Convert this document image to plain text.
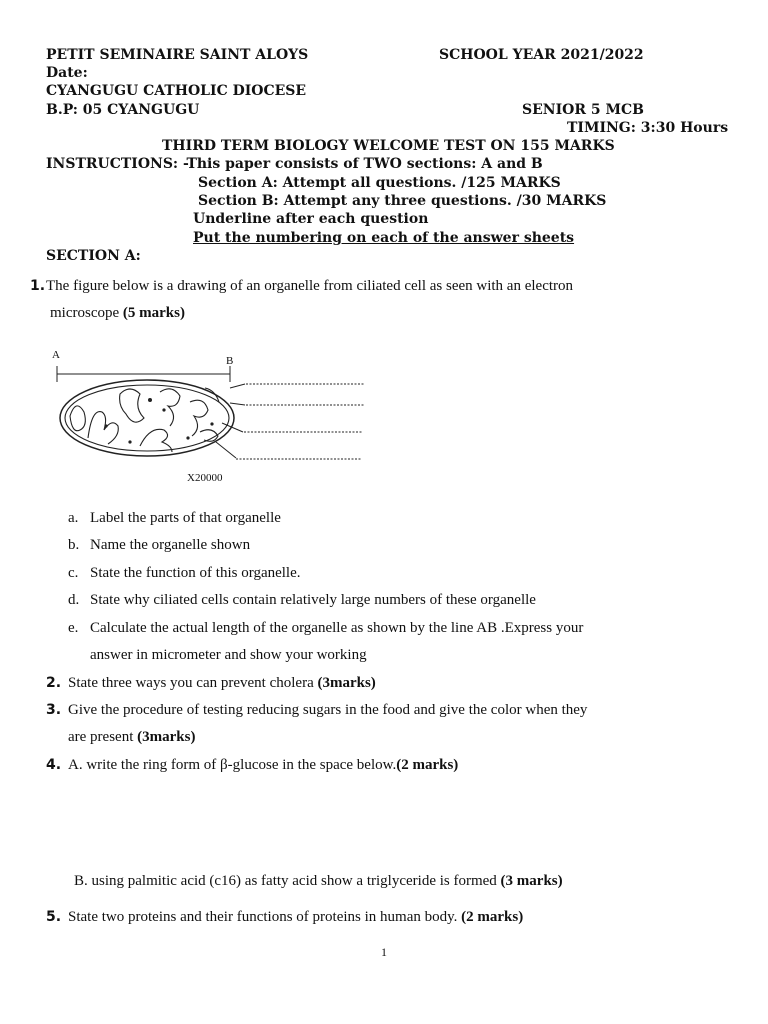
PETIT SEMINAIRE SAINT ALOYS	SCHOOL YEAR 2021/2022
Date:
CYANGUGU CATHOLIC DIOCESE
B.P: 05 CYANGUGU	SENIOR 5 MCB
TIMING: 3:30 Hours
THIRD TERM BIOLOGY WELCOME TEST ON 155 MARKS
INSTRUCTIONS: -This paper consists of TWO sections: A and B
Section A: Attempt all questions. /125 MARKS
Section B: Attempt any three questions. /30 MARKS
Underline after each question
Put the numbering on each of the answer sheets
SECTION A:
1. The figure below is a drawing of an organelle from ciliated cell as seen with an electron
microscope (5 marks)
A	B
X20000
a. Label the parts of that organelle
b. Name the organelle shown
c. State the function of this organelle.
d. State why ciliated cells contain relatively large numbers of these organelle
e. Calculate the actual length of the organelle as shown by the line AB .Express your
answer in micrometer and show your working
2. State three ways you can prevent cholera (3marks)
3. Give the procedure of testing reducing sugars in the food and give the color when they
are present (3marks)
4. A. write the ring form of β-glucose in the space below.(2 marks)
B. using palmitic acid (c16) as fatty acid show a triglyceride is formed (3 marks)
5. State two proteins and their functions of proteins in human body. (2 marks)
1
